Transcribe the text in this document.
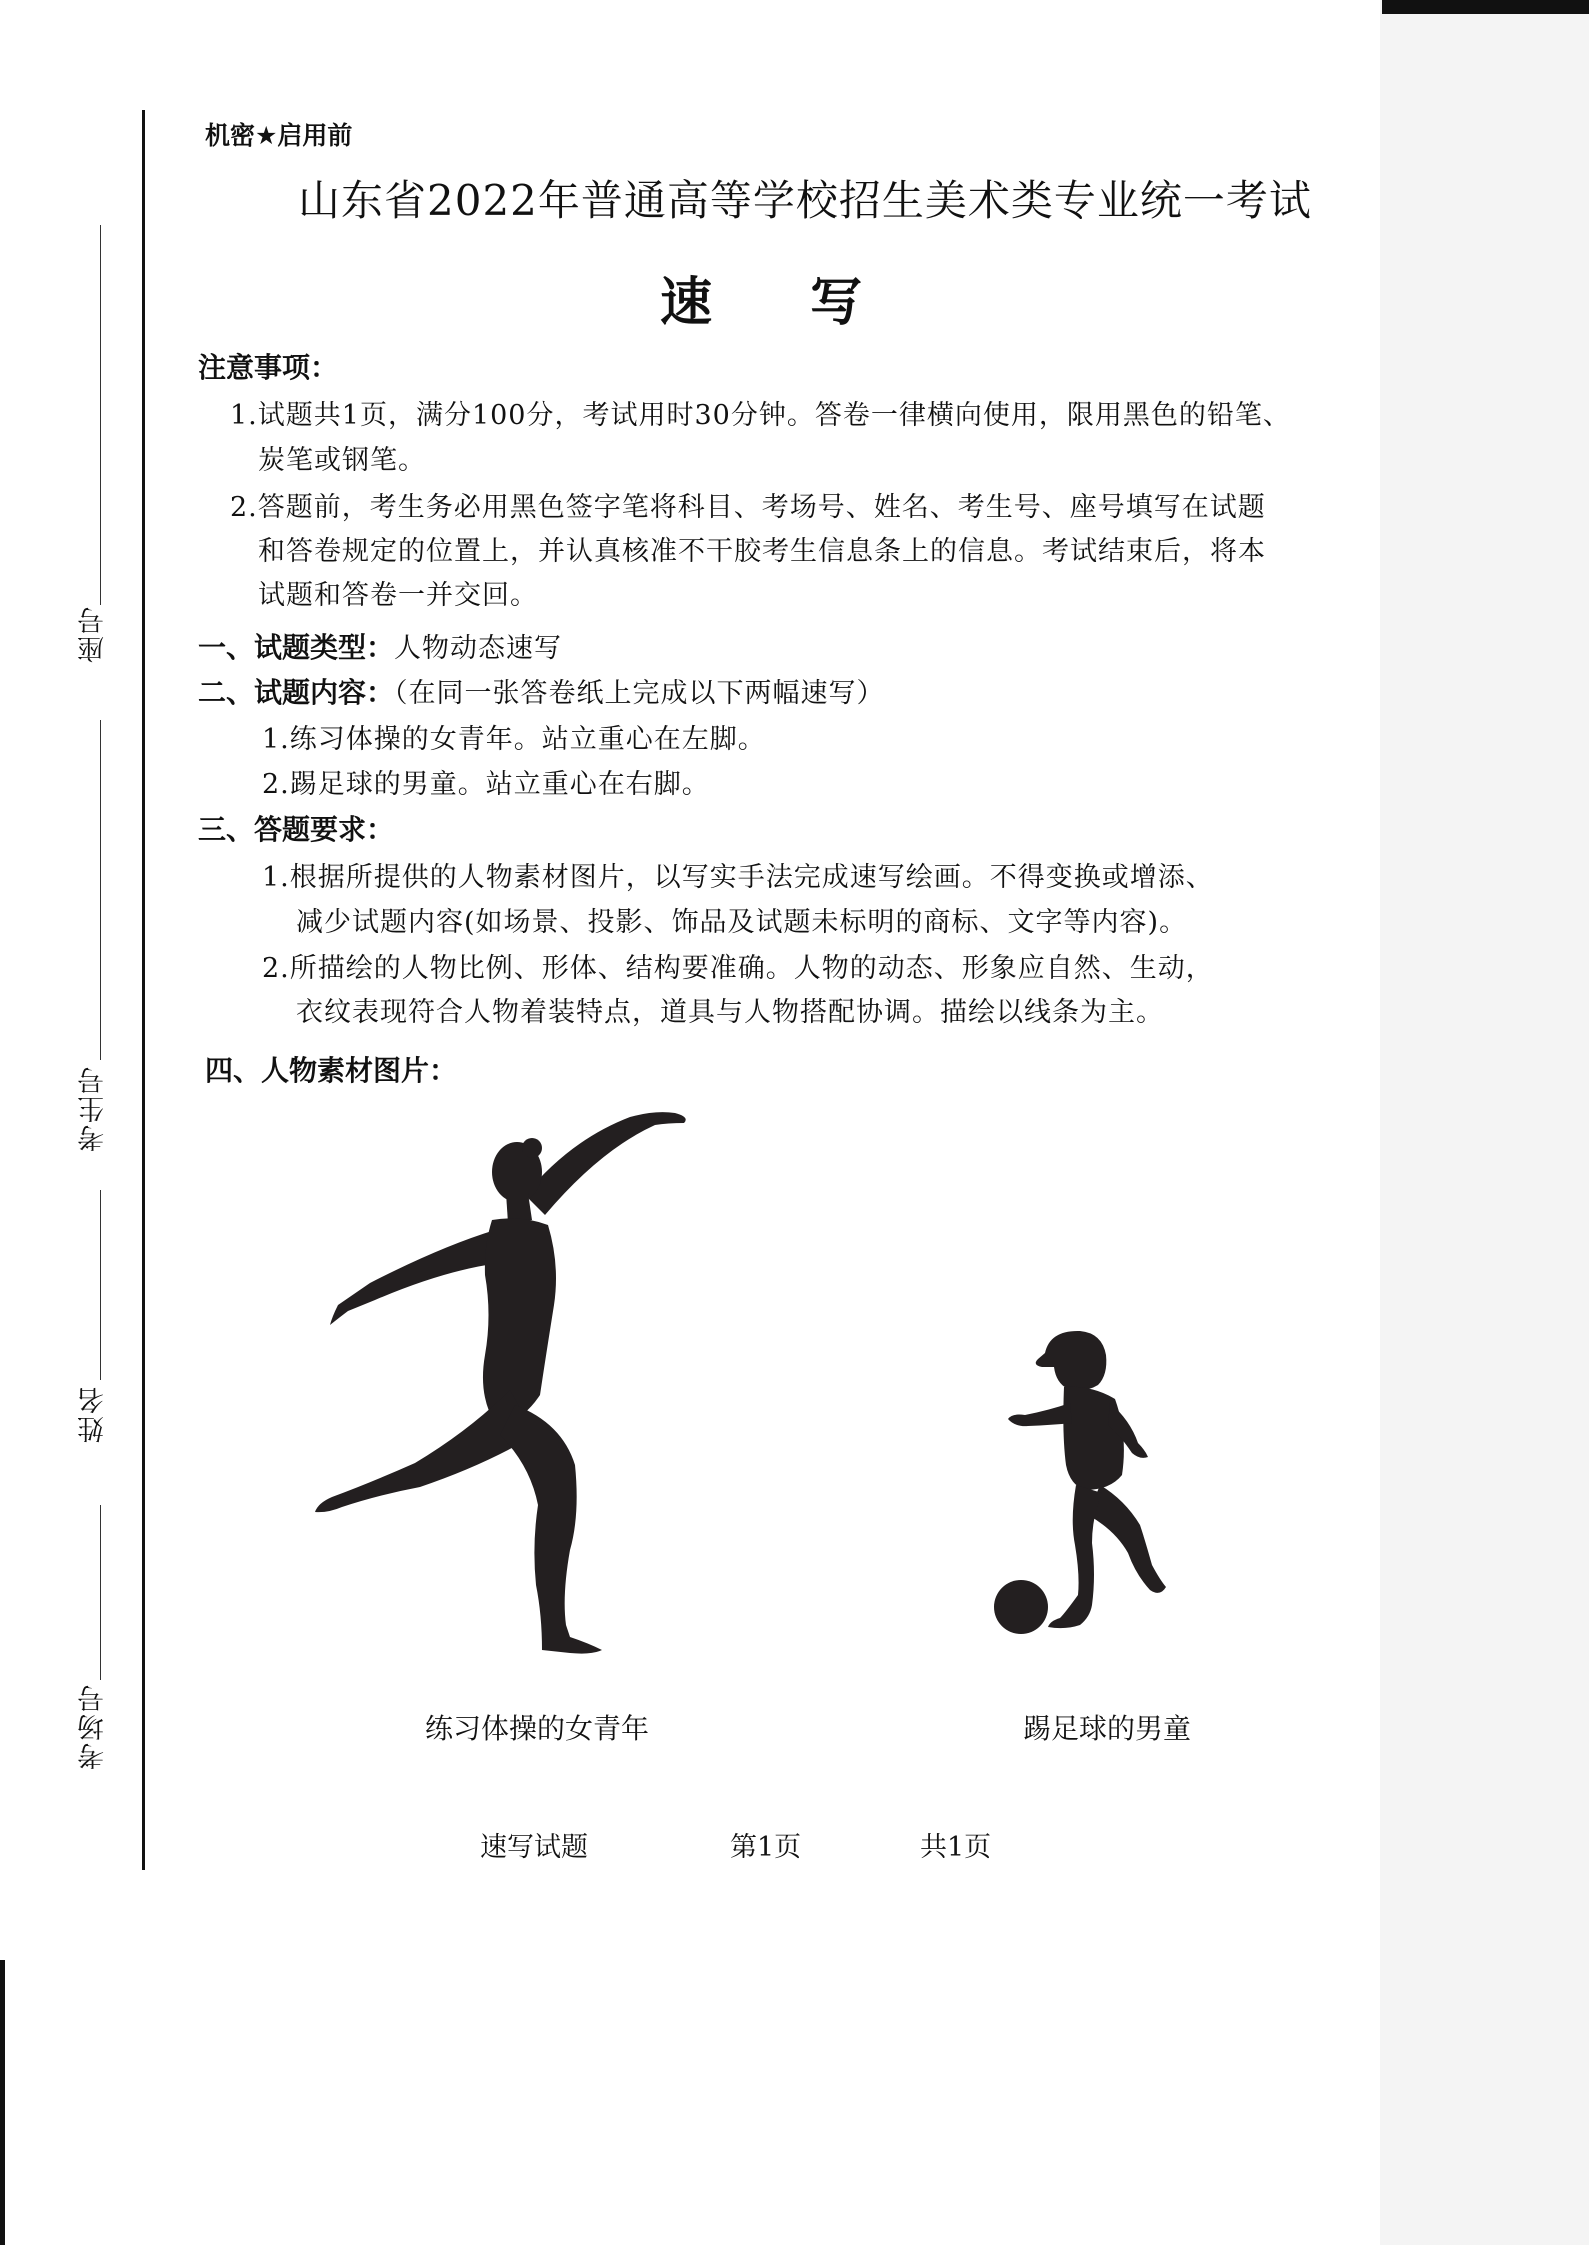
座号
考生号
姓名
考场号
机密★启用前
山东省2022年普通高等学校招生美术类专业统一考试
速 写
注意事项：
1.试题共1页，满分100分，考试用时30分钟。答卷一律横向使用，限用黑色的铅笔、
炭笔或钢笔。
2.答题前，考生务必用黑色签字笔将科目、考场号、姓名、考生号、座号填写在试题
和答卷规定的位置上，并认真核准不干胶考生信息条上的信息。考试结束后，将本
试题和答卷一并交回。
一、试题类型：人物动态速写
二、试题内容：（在同一张答卷纸上完成以下两幅速写）
1.练习体操的女青年。站立重心在左脚。
2.踢足球的男童。站立重心在右脚。
三、答题要求：
1.根据所提供的人物素材图片，以写实手法完成速写绘画。不得变换或增添、
减少试题内容(如场景、投影、饰品及试题未标明的商标、文字等内容)。
2.所描绘的人物比例、形体、结构要准确。人物的动态、形象应自然、生动，
衣纹表现符合人物着装特点，道具与人物搭配协调。描绘以线条为主。
四、人物素材图片：
练习体操的女青年	踢足球的男童
速写试题	第1页	共1页
